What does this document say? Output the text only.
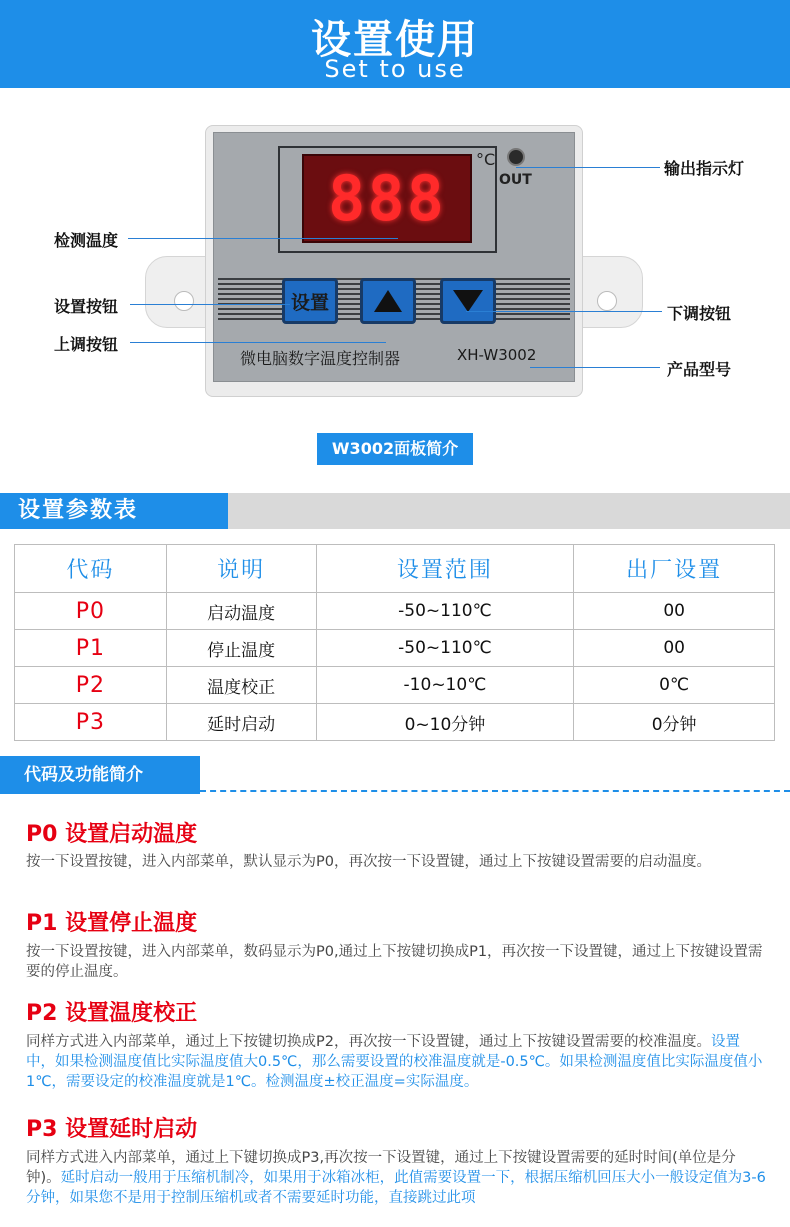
设置使用
Set to use
888
°C
OUT
设置
微电脑数字温度控制器	XH-W3002
输出指示灯
检测温度
设置按钮
上调按钮
下调按钮
产品型号
W3002面板简介
设置参数表
代码	说明	设置范围	出厂设置
P0	启动温度	-50~110℃	00
P1	停止温度	-50~110℃	00
P2	温度校正	-10~10℃	0℃
P3	延时启动	0~10分钟	0分钟
代码及功能简介
P0 设置启动温度
按一下设置按键，进入内部菜单，默认显示为P0，再次按一下设置键，通过上下按键设置需要的启动温度。
P1 设置停止温度
按一下设置按键，进入内部菜单，数码显示为P0,通过上下按键切换成P1，再次按一下设置键，通过上下按键设置需要的停止温度。
P2 设置温度校正
同样方式进入内部菜单，通过上下按键切换成P2，再次按一下设置键，通过上下按键设置需要的校准温度。设置中，如果检测温度值比实际温度值大0.5℃，那么需要设置的校准温度就是-0.5℃。如果检测温度值比实际温度值小1℃，需要设定的校准温度就是1℃。检测温度±校正温度=实际温度。
P3 设置延时启动
同样方式进入内部菜单，通过上下键切换成P3,再次按一下设置键，通过上下按键设置需要的延时时间(单位是分钟)。延时启动一般用于压缩机制冷，如果用于冰箱冰柜，此值需要设置一下，根据压缩机回压大小一般设定值为3-6分钟，如果您不是用于控制压缩机或者不需要延时功能，直接跳过此项
